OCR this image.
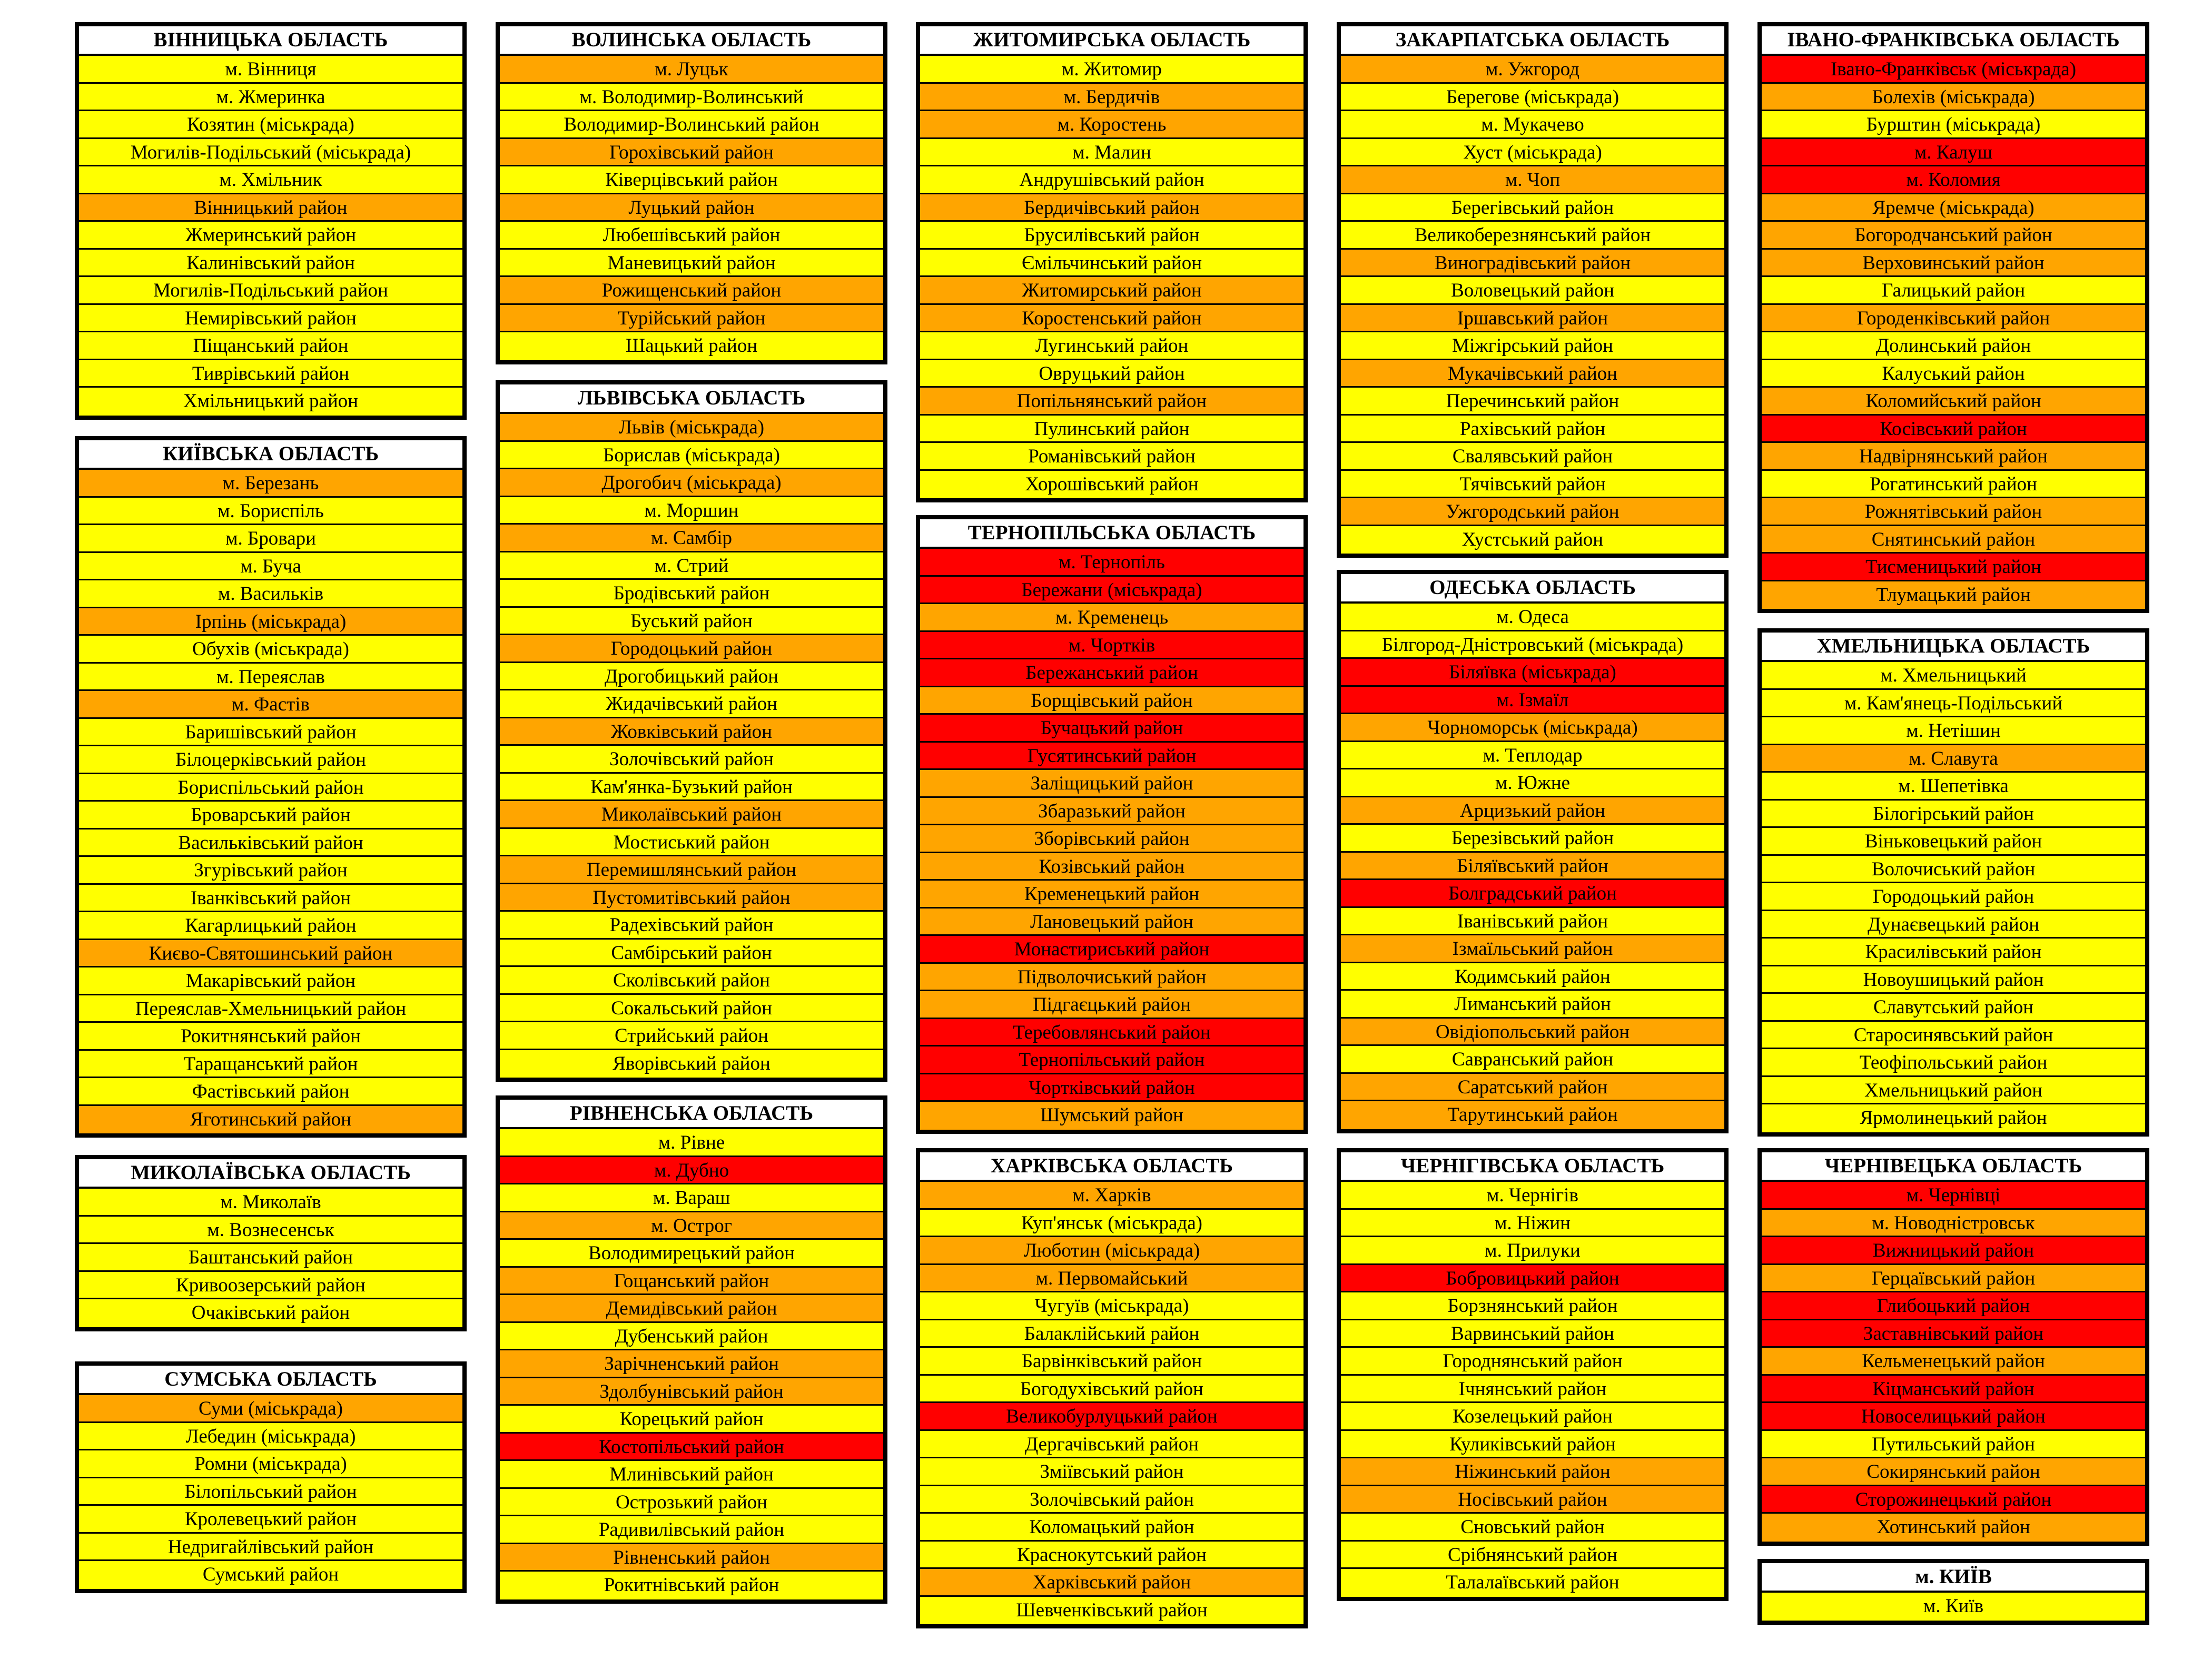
ВІННИЦЬКА ОБЛАСТЬ
м. Вінниця
м. Жмеринка
Козятин (міськрада)
Могилів-Подільський (міськрада)
м. Хмільник
Вінницький район
Жмеринський район
Калинівський район
Могилів-Подільський район
Немирівський район
Піщанський район
Тиврівський район
Хмільницький район
КИЇВСЬКА ОБЛАСТЬ
м. Березань
м. Бориспіль
м. Бровари
м. Буча
м. Васильків
Ірпінь (міськрада)
Обухів (міськрада)
м. Переяслав
м. Фастів
Баришівський район
Білоцерківський район
Бориспільський район
Броварський район
Васильківський район
Згурівський район
Іванківський район
Кагарлицький район
Києво-Святошинський район
Макарівський район
Переяслав-Хмельницький район
Рокитнянський район
Таращанський район
Фастівський район
Яготинський район
МИКОЛАЇВСЬКА ОБЛАСТЬ
м. Миколаїв
м. Вознесенськ
Баштанський район
Кривоозерський район
Очаківський район
СУМСЬКА ОБЛАСТЬ
Суми (міськрада)
Лебедин (міськрада)
Ромни (міськрада)
Білопільський район
Кролевецький район
Недригайлівський район
Сумський район
ВОЛИНСЬКА ОБЛАСТЬ
м. Луцьк
м. Володимир-Волинський
Володимир-Волинський район
Горохівський район
Ківерцівський район
Луцький район
Любешівський район
Маневицький район
Рожищенський район
Турійський район
Шацький район
ЛЬВІВСЬКА ОБЛАСТЬ
Львів (міськрада)
Борислав (міськрада)
Дрогобич (міськрада)
м. Моршин
м. Самбір
м. Стрий
Бродівський район
Буський район
Городоцький район
Дрогобицький район
Жидачівський район
Жовківський район
Золочівський район
Кам'янка-Бузький район
Миколаївський район
Мостиський район
Перемишлянський район
Пустомитівський район
Радехівський район
Самбірський район
Сколівський район
Сокальський район
Стрийський район
Яворівський район
РІВНЕНСЬКА ОБЛАСТЬ
м. Рівне
м. Дубно
м. Вараш
м. Острог
Володимирецький район
Гощанський район
Демидівський район
Дубенський район
Зарічненський район
Здолбунівський район
Корецький район
Костопільський район
Млинівський район
Острозький район
Радивилівський район
Рівненський район
Рокитнівський район
ЖИТОМИРСЬКА ОБЛАСТЬ
м. Житомир
м. Бердичів
м. Коростень
м. Малин
Андрушівський район
Бердичівський район
Брусилівський район
Ємільчинський район
Житомирський район
Коростенський район
Лугинський район
Овруцький район
Попільнянський район
Пулинський район
Романівський район
Хорошівський район
ТЕРНОПІЛЬСЬКА ОБЛАСТЬ
м. Тернопіль
Бережани (міськрада)
м. Кременець
м. Чортків
Бережанський район
Борщівський район
Бучацький район
Гусятинський район
Заліщицький район
Збаразький район
Зборівський район
Козівський район
Кременецький район
Лановецький район
Монастириський район
Підволочиський район
Підгаєцький район
Теребовлянський район
Тернопільський район
Чортківський район
Шумський район
ХАРКІВСЬКА ОБЛАСТЬ
м. Харків
Куп'янськ (міськрада)
Люботин (міськрада)
м. Первомайський
Чугуїв (міськрада)
Балаклійський район
Барвінківський район
Богодухівський район
Великобурлуцький район
Дергачівський район
Зміївський район
Золочівський район
Коломацький район
Краснокутський район
Харківський район
Шевченківський район
ЗАКАРПАТСЬКА ОБЛАСТЬ
м. Ужгород
Берегове (міськрада)
м. Мукачево
Хуст (міськрада)
м. Чоп
Берегівський район
Великоберезнянський район
Виноградівський район
Воловецький район
Іршавський район
Міжгірський район
Мукачівський район
Перечинський район
Рахівський район
Свалявський район
Тячівський район
Ужгородський район
Хустський район
ОДЕСЬКА ОБЛАСТЬ
м. Одеса
Білгород-Дністровський (міськрада)
Біляївка (міськрада)
м. Ізмаїл
Чорноморськ (міськрада)
м. Теплодар
м. Южне
Арцизький район
Березівський район
Біляївський район
Болградський район
Іванівський район
Ізмаїльський район
Кодимський район
Лиманський район
Овідіопольський район
Савранський район
Саратський район
Тарутинський район
ЧЕРНІГІВСЬКА ОБЛАСТЬ
м. Чернігів
м. Ніжин
м. Прилуки
Бобровицький район
Борзнянський район
Варвинський район
Городнянський район
Ічнянський район
Козелецький район
Куликівський район
Ніжинський район
Носівський район
Сновський район
Срібнянський район
Талалаївський район
ІВАНО-ФРАНКІВСЬКА ОБЛАСТЬ
Івано-Франківськ (міськрада)
Болехів (міськрада)
Бурштин (міськрада)
м. Калуш
м. Коломия
Яремче (міськрада)
Богородчанський район
Верховинський район
Галицький район
Городенківський район
Долинський район
Калуський район
Коломийський район
Косівський район
Надвірнянський район
Рогатинський район
Рожнятівський район
Снятинський район
Тисменицький район
Тлумацький район
ХМЕЛЬНИЦЬКА ОБЛАСТЬ
м. Хмельницький
м. Кам'янець-Подільський
м. Нетішин
м. Славута
м. Шепетівка
Білогірський район
Віньковецький район
Волочиський район
Городоцький район
Дунаєвецький район
Красилівський район
Новоушицький район
Славутський район
Старосинявський район
Теофіпольський район
Хмельницький район
Ярмолинецький район
ЧЕРНІВЕЦЬКА ОБЛАСТЬ
м. Чернівці
м. Новодністровськ
Вижницький район
Герцаївський район
Глибоцький район
Заставнівський район
Кельменецький район
Кіцманський район
Новоселицький район
Путильський район
Сокирянський район
Сторожинецький район
Хотинський район
м. КИЇВ
м. Київ
